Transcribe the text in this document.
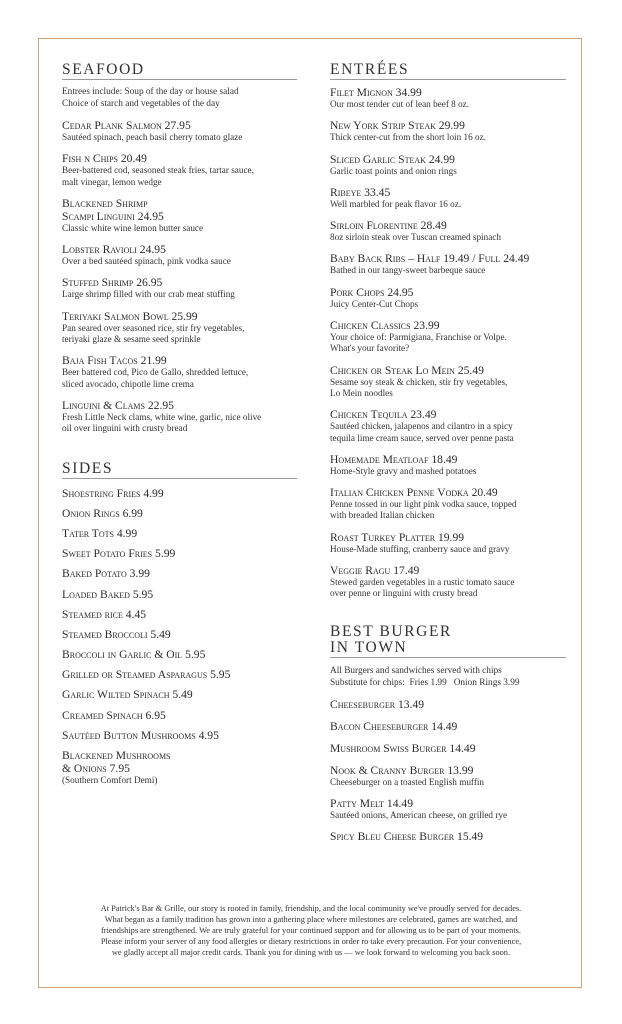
SEAFOOD
Entrees include: Soup of the day or house salad
Choice of starch and vegetables of the day
Cedar Plank Salmon 27.95
Sautéed spinach, peach basil cherry tomato glaze
Fish n Chips 20.49
Beer-battered cod, seasoned steak fries, tartar sauce,
malt vinegar, lemon wedge
Blackened Shrimp
Scampi Linguini 24.95
Classic white wine lemon butter sauce
Lobster Ravioli 24.95
Over a bed sautéed spinach, pink vodka sauce
Stuffed Shrimp 26.95
Large shrimp filled with our crab meat stuffing
Teriyaki Salmon Bowl 25.99
Pan seared over seasoned rice, stir fry vegetables,
teriyaki glaze & sesame seed sprinkle
Baja Fish Tacos 21.99
Beer battered cod, Pico de Gallo, shredded lettuce,
sliced avocado, chipotle lime crema
Linguini & Clams 22.95
Fresh Little Neck clams, white wine, garlic, nice olive
oil over linguini with crusty bread
SIDES
Shoestring Fries 4.99
Onion Rings 6.99
Tater Tots 4.99
Sweet Potato Fries 5.99
Baked Potato 3.99
Loaded Baked 5.95
Steamed rice 4.45
Steamed Broccoli 5.49
Broccoli in Garlic & Oil 5.95
Grilled or Steamed Asparagus 5.95
Garlic Wilted Spinach 5.49
Creamed Spinach 6.95
Sautéed Button Mushrooms 4.95
Blackened Mushrooms
& Onions 7.95
(Southern Comfort Demi)
ENTRÉES
Filet Mignon 34.99
Our most tender cut of lean beef 8 oz.
New York Strip Steak 29.99
Thick center-cut from the short loin 16 oz.
Sliced Garlic Steak 24.99
Garlic toast points and onion rings
Ribeye 33.45
Well marbled for peak flavor 16 oz.
Sirloin Florentine 28.49
8oz sirloin steak over Tuscan creamed spinach
Baby Back Ribs – Half 19.49 / Full 24.49
Bathed in our tangy-sweet barbeque sauce
Pork Chops 24.95
Juicy Center-Cut Chops
Chicken Classics 23.99
Your choice of: Parmigiana, Franchise or Volpe.
What's your favorite?
Chicken or Steak Lo Mein 25.49
Sesame soy steak & chicken, stir fry vegetables,
Lo Mein noodles
Chicken Tequila 23.49
Sautéed chicken, jalapenos and cilantro in a spicy
tequila lime cream sauce, served over penne pasta
Homemade Meatloaf 18.49
Home-Style gravy and mashed potatoes
Italian Chicken Penne Vodka 20.49
Penne tossed in our light pink vodka sauce, topped
with breaded Italian chicken
Roast Turkey Platter 19.99
House-Made stuffing, cranberry sauce and gravy
Veggie Ragu 17.49
Stewed garden vegetables in a rustic tomato sauce
over penne or linguini with crusty bread
BEST BURGER
IN TOWN
All Burgers and sandwiches served with chips
Substitute for chips:  Fries 1.99   Onion Rings 3.99
Cheeseburger 13.49
Bacon Cheeseburger 14.49
Mushroom Swiss Burger 14.49
Nook & Cranny Burger 13.99
Cheeseburger on a toasted English muffin
Patty Melt 14.49
Sautéed onions, American cheese, on grilled rye
Spicy Bleu Cheese Burger 15.49
At Patrick's Bar & Grille, our story is rooted in family, friendship, and the local community we've proudly served for decades.
What began as a family tradition has grown into a gathering place where milestones are celebrated, games are watched, and
friendships are strengthened. We are truly grateful for your continued support and for allowing us to be part of your moments.
Please inform your server of any food allergies or dietary restrictions in order ro take every precaution. For your convenience,
we gladly accept all major credit cards. Thank you for dining with us — we look forward to welcoming you back soon.
